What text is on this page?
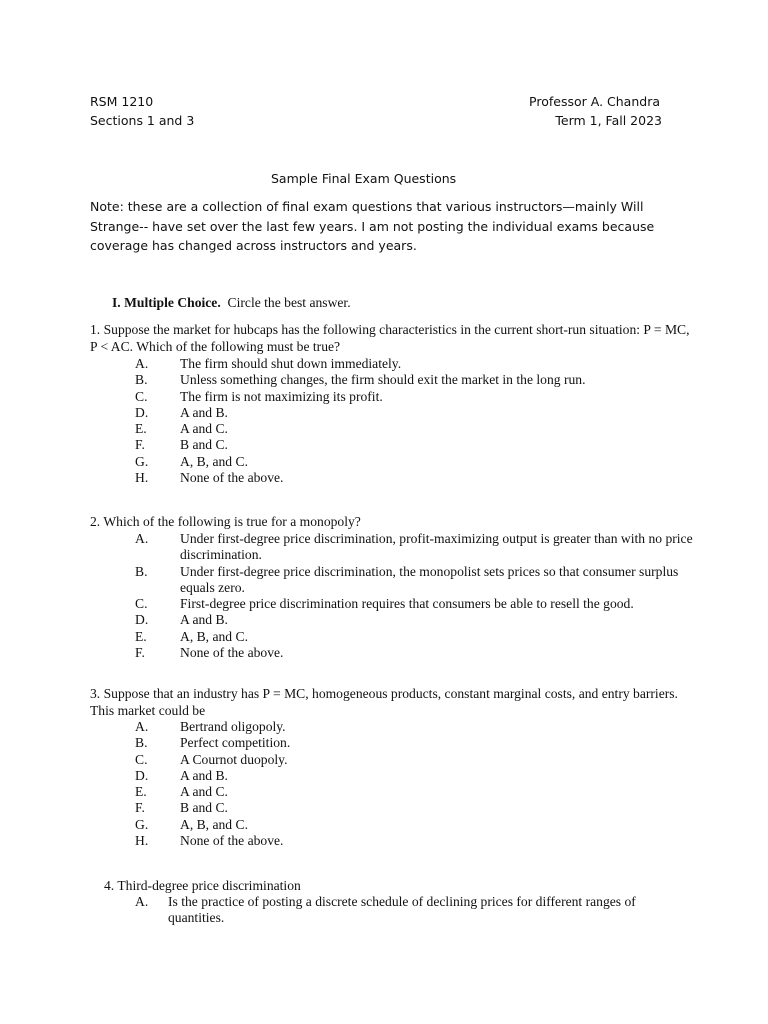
RSM 1210
Sections 1 and 3
Professor A. Chandra
Term 1, Fall 2023
Sample Final Exam Questions
Note: these are a collection of final exam questions that various instructors—mainly Will Strange-- have set over the last few years. I am not posting the individual exams because coverage has changed across instructors and years.
I. Multiple Choice. Circle the best answer.
1. Suppose the market for hubcaps has the following characteristics in the current short-run situation: P = MC, P < AC. Which of the following must be true?
A.	The firm should shut down immediately.
B.	Unless something changes, the firm should exit the market in the long run.
C.	The firm is not maximizing its profit.
D.	A and B.
E.	A and C.
F.	B and C.
G.	A, B, and C.
H.	None of the above.
2. Which of the following is true for a monopoly?
A.	Under first-degree price discrimination, profit-maximizing output is greater than with no price discrimination.
B.	Under first-degree price discrimination, the monopolist sets prices so that consumer surplus equals zero.
C.	First-degree price discrimination requires that consumers be able to resell the good.
D.	A and B.
E.	A, B, and C.
F.	None of the above.
3. Suppose that an industry has P = MC, homogeneous products, constant marginal costs, and entry barriers. This market could be
A.	Bertrand oligopoly.
B.	Perfect competition.
C.	A Cournot duopoly.
D.	A and B.
E.	A and C.
F.	B and C.
G.	A, B, and C.
H.	None of the above.
4. Third-degree price discrimination
A.	Is the practice of posting a discrete schedule of declining prices for different ranges of quantities.
